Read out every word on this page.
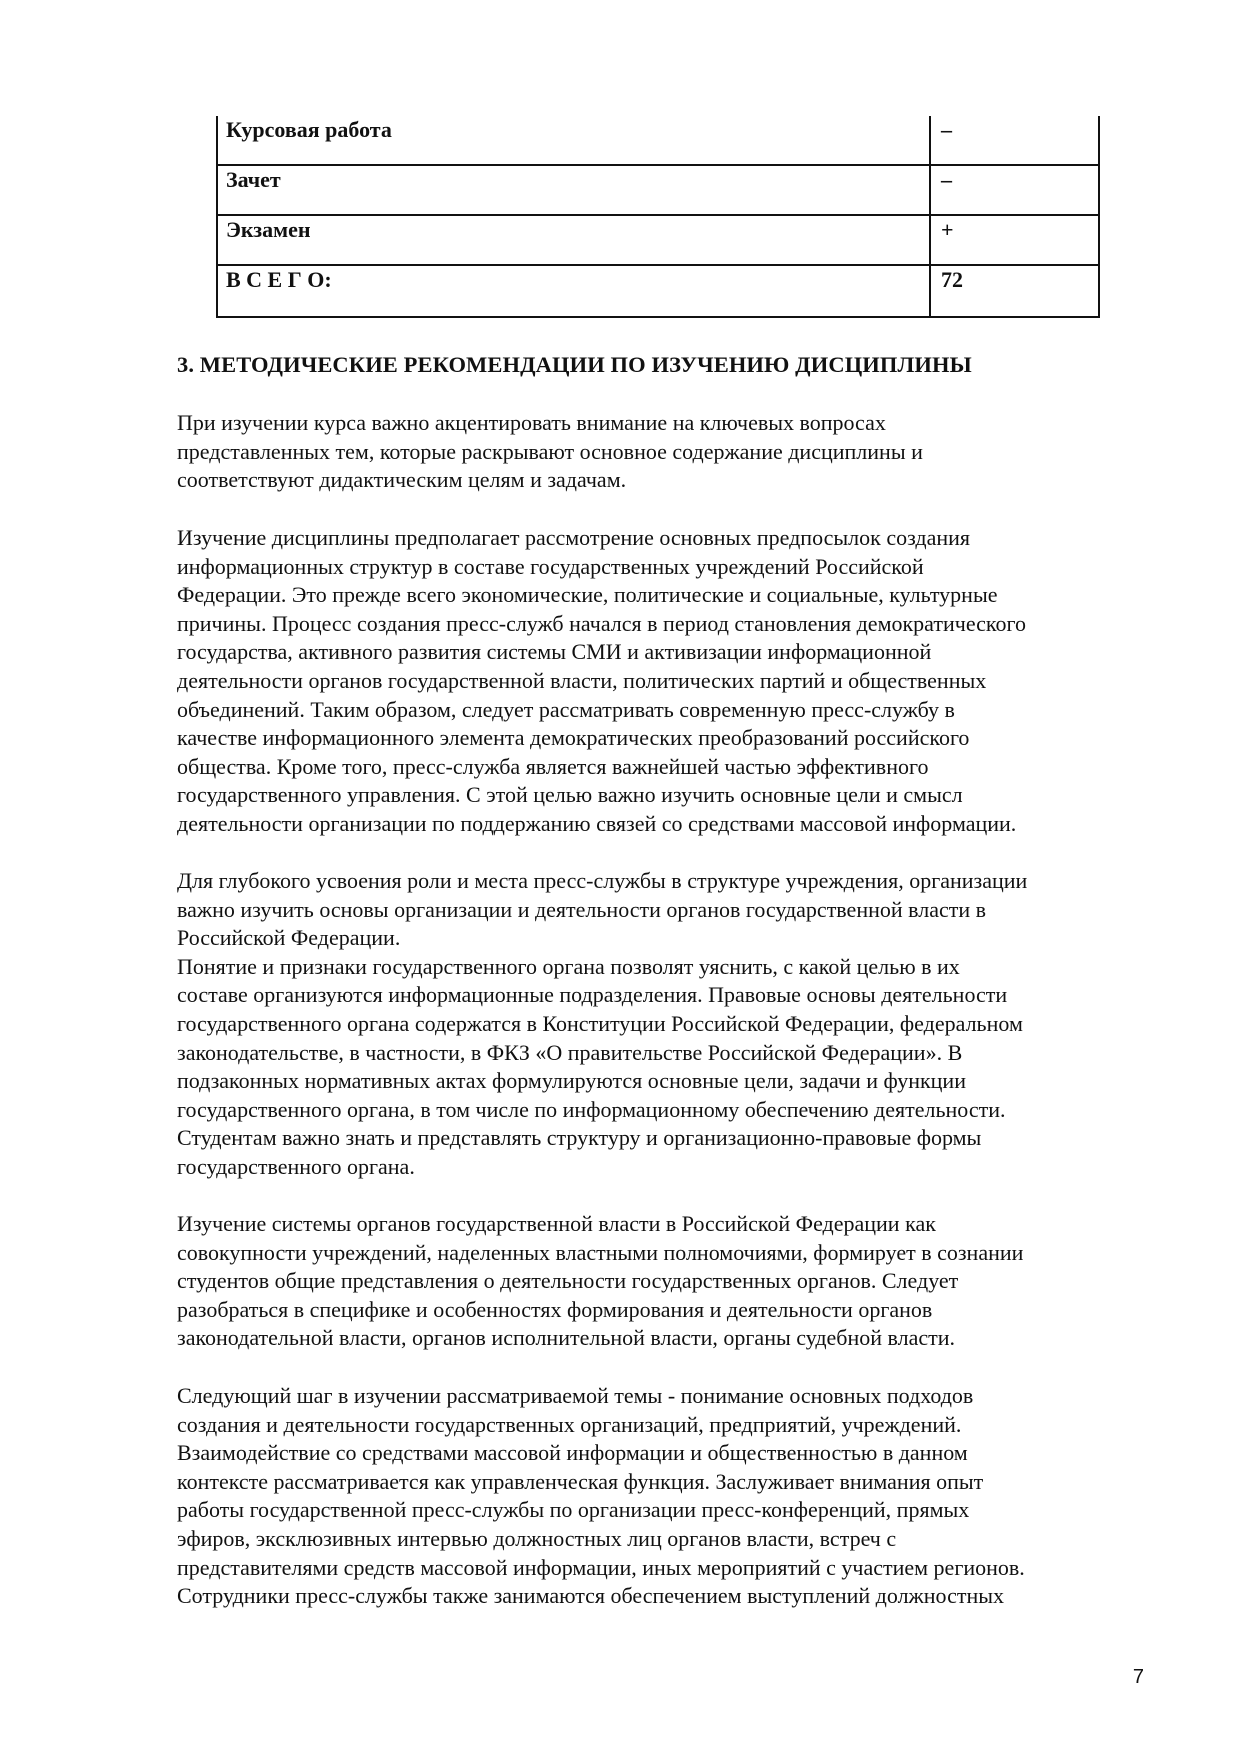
Курсовая работа	–
Зачет	–
Экзамен	+
В С Е Г О:	72
3. МЕТОДИЧЕСКИЕ РЕКОМЕНДАЦИИ ПО ИЗУЧЕНИЮ ДИСЦИПЛИНЫ
При изучении курса важно акцентировать внимание на ключевых вопросах
представленных тем, которые раскрывают основное содержание дисциплины и
соответствуют дидактическим целям и задачам.
Изучение дисциплины предполагает рассмотрение основных предпосылок создания
информационных структур в составе государственных учреждений Российской
Федерации. Это прежде всего экономические, политические и социальные, культурные
причины. Процесс создания пресс-служб начался в период становления демократического
государства, активного развития системы СМИ и активизации информационной
деятельности органов государственной власти, политических партий и общественных
объединений. Таким образом, следует рассматривать современную пресс-службу в
качестве информационного элемента демократических преобразований российского
общества. Кроме того, пресс-служба является важнейшей частью эффективного
государственного управления. С этой целью важно изучить основные цели и смысл
деятельности организации по поддержанию связей со средствами массовой информации.
Для глубокого усвоения роли и места пресс-службы в структуре учреждения, организации
важно изучить основы организации и деятельности органов государственной власти в
Российской Федерации.
Понятие и признаки государственного органа позволят уяснить, с какой целью в их
составе организуются информационные подразделения. Правовые основы деятельности
государственного органа содержатся в Конституции Российской Федерации, федеральном
законодательстве, в частности, в ФКЗ «О правительстве Российской Федерации». В
подзаконных нормативных актах формулируются основные цели, задачи и функции
государственного органа, в том числе по информационному обеспечению деятельности.
Студентам важно знать и представлять структуру и организационно-правовые формы
государственного органа.
Изучение системы органов государственной власти в Российской Федерации как
совокупности учреждений, наделенных властными полномочиями, формирует в сознании
студентов общие представления о деятельности государственных органов. Следует
разобраться в специфике и особенностях формирования и деятельности органов
законодательной власти, органов исполнительной власти, органы судебной власти.
Следующий шаг в изучении рассматриваемой темы - понимание основных подходов
создания и деятельности государственных организаций, предприятий, учреждений.
Взаимодействие со средствами массовой информации и общественностью в данном
контексте рассматривается как управленческая функция. Заслуживает внимания опыт
работы государственной пресс-службы по организации пресс-конференций, прямых
эфиров, эксклюзивных интервью должностных лиц органов власти, встреч с
представителями средств массовой информации, иных мероприятий с участием регионов.
Сотрудники пресс-службы также занимаются обеспечением выступлений должностных
7
